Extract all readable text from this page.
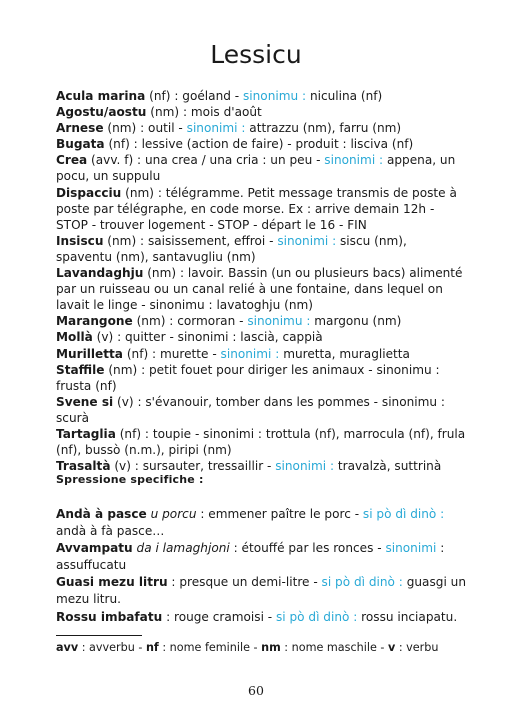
Lessicu

Acula marina (nf) : goéland - sinonimu : niculina (nf)

Agostu/aostu (nm) : mois d'août

Arnese (nm) : outil - sinonimi : attrazzu (nm), farru (nm)

Bugata (nf) : lessive (action de faire) - produit : lisciva (nf)

Crea (avv. f) : una crea / una cria : un peu - sinonimi : appena, un pocu, un suppulu

Dispacciu (nm) : télégramme. Petit message transmis de poste à poste par télégraphe, en code morse. Ex : arrive demain 12h - STOP - trouver logement - STOP - départ le 16 - FIN

Insiscu (nm) : saisissement, effroi - sinonimi : siscu (nm), spaventu (nm), santavugliu (nm)

Lavandaghju (nm) : lavoir. Bassin (un ou plusieurs bacs) alimenté par un ruisseau ou un canal relié à une fontaine, dans lequel on lavait le linge - sinonimu : lavatoghju (nm)

Marangone (nm) : cormoran - sinonimu : margonu (nm)

Mollà (v) : quitter - sinonimi : lascià, cappià

Murilletta (nf) : murette - sinonimi : muretta, muraglietta

Staffile (nm) : petit fouet pour diriger les animaux - sinonimu : frusta (nf)

Svene si (v) : s'évanouir, tomber dans les pommes - sinonimu : scurà

Tartaglia (nf) : toupie - sinonimi : trottula (nf), marrocula (nf), frula (nf), bussò (n.m.), piripi (nm)

Trasaltà (v) : sursauter, tressaillir - sinonimi : travalzà, suttrinà

Spressione specifiche :

Andà à pasce u porcu : emmener paître le porc - si pò dì dinò : andà à fà pasce…

Avvampatu da i lamaghjoni : étouffé par les ronces - sinonimi : assuffucatu

Guasi mezu litru : presque un demi-litre - si pò dì dinò : guasgi un mezu litru.

Rossu imbafatu : rouge cramoisi - si pò dì dinò : rossu inciapatu.

avv : avverbu - nf : nome feminile - nm : nome maschile - v : verbu
60
